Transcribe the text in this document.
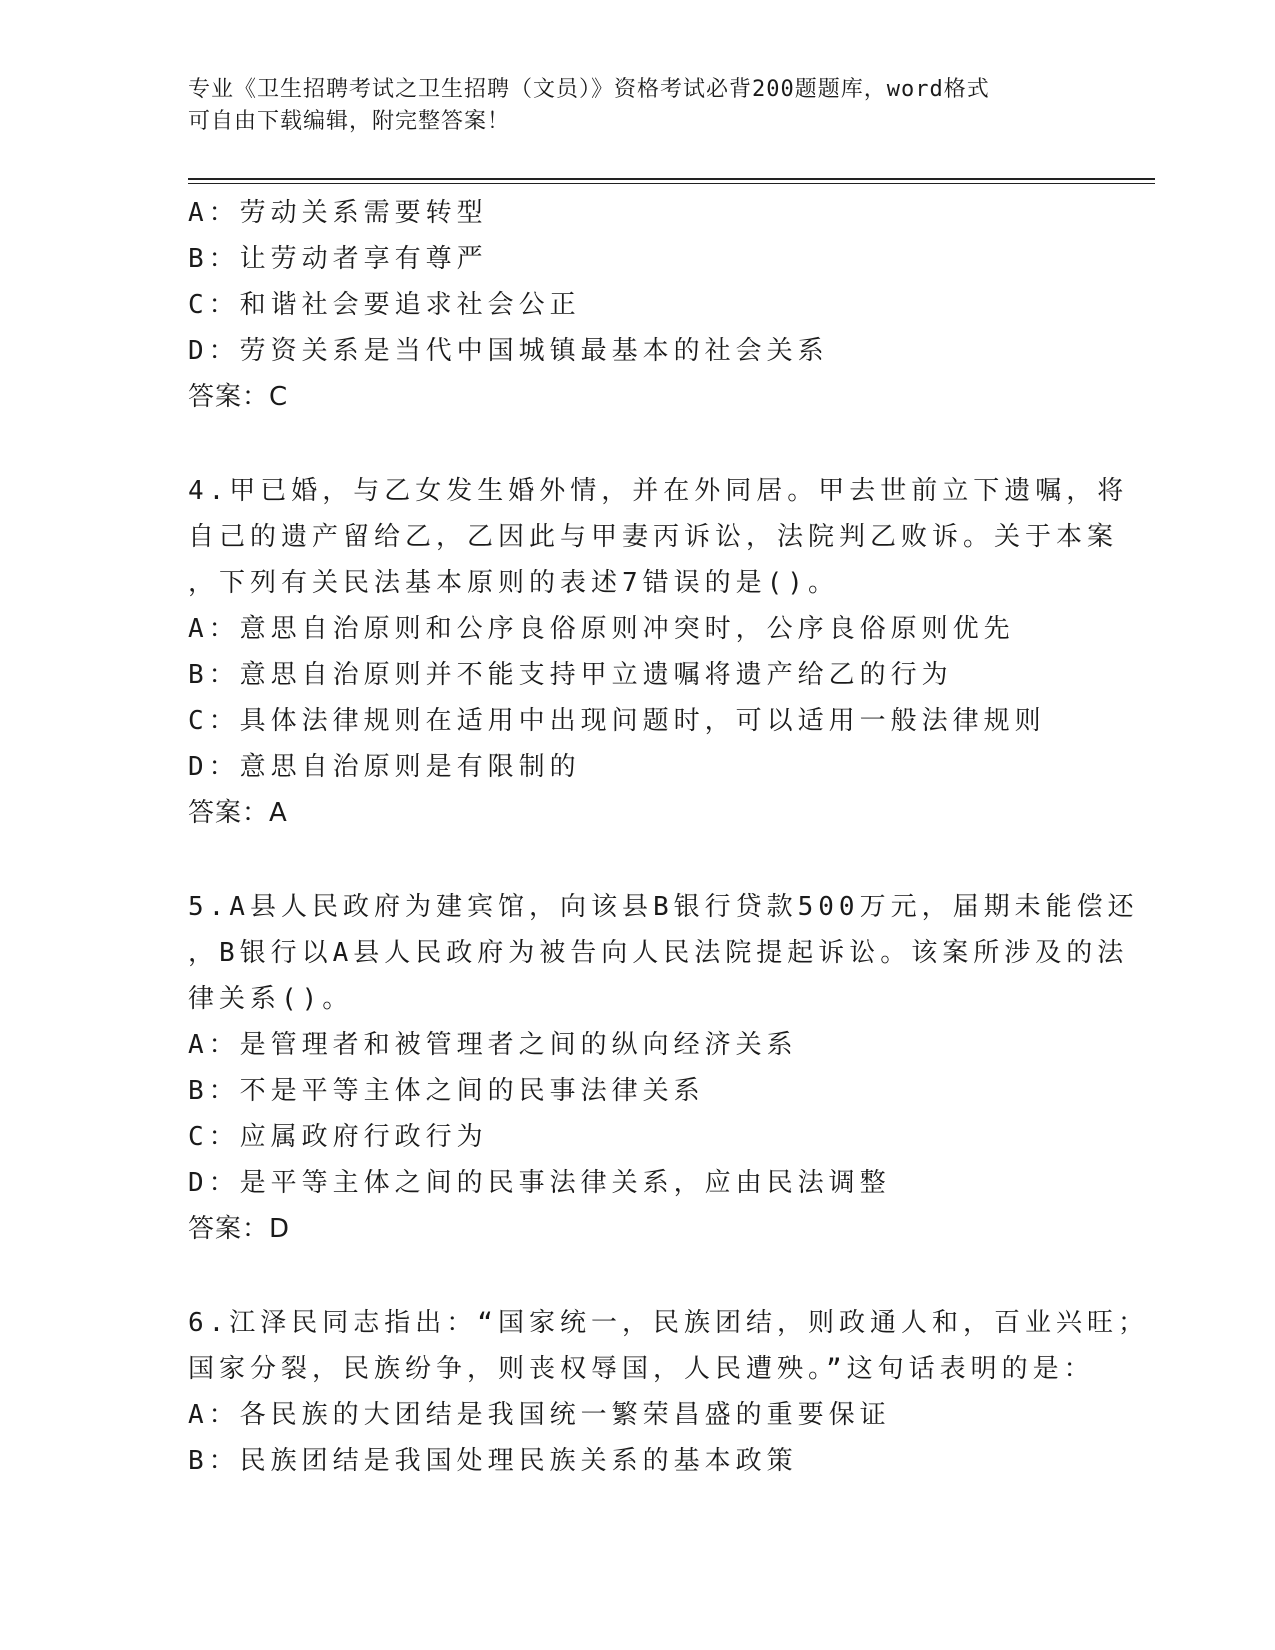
专业《卫生招聘考试之卫生招聘（文员）》资格考试必背200题题库，word格式
可自由下载编辑，附完整答案！
A：劳动关系需要转型
B：让劳动者享有尊严
C：和谐社会要追求社会公正
D：劳资关系是当代中国城镇最基本的社会关系
答案：C
4.甲已婚，与乙女发生婚外情，并在外同居。甲去世前立下遗嘱，将
自己的遗产留给乙，乙因此与甲妻丙诉讼，法院判乙败诉。关于本案
，下列有关民法基本原则的表述7错误的是()。
A：意思自治原则和公序良俗原则冲突时，公序良俗原则优先
B：意思自治原则并不能支持甲立遗嘱将遗产给乙的行为
C：具体法律规则在适用中出现问题时，可以适用一般法律规则
D：意思自治原则是有限制的
答案：A
5.A县人民政府为建宾馆，向该县B银行贷款500万元，届期未能偿还
，B银行以A县人民政府为被告向人民法院提起诉讼。该案所涉及的法
律关系()。
A：是管理者和被管理者之间的纵向经济关系
B：不是平等主体之间的民事法律关系
C：应属政府行政行为
D：是平等主体之间的民事法律关系，应由民法调整
答案：D
6.江泽民同志指出：“国家统一，民族团结，则政通人和，百业兴旺；
国家分裂，民族纷争，则丧权辱国，人民遭殃。”这句话表明的是：
A：各民族的大团结是我国统一繁荣昌盛的重要保证
B：民族团结是我国处理民族关系的基本政策
